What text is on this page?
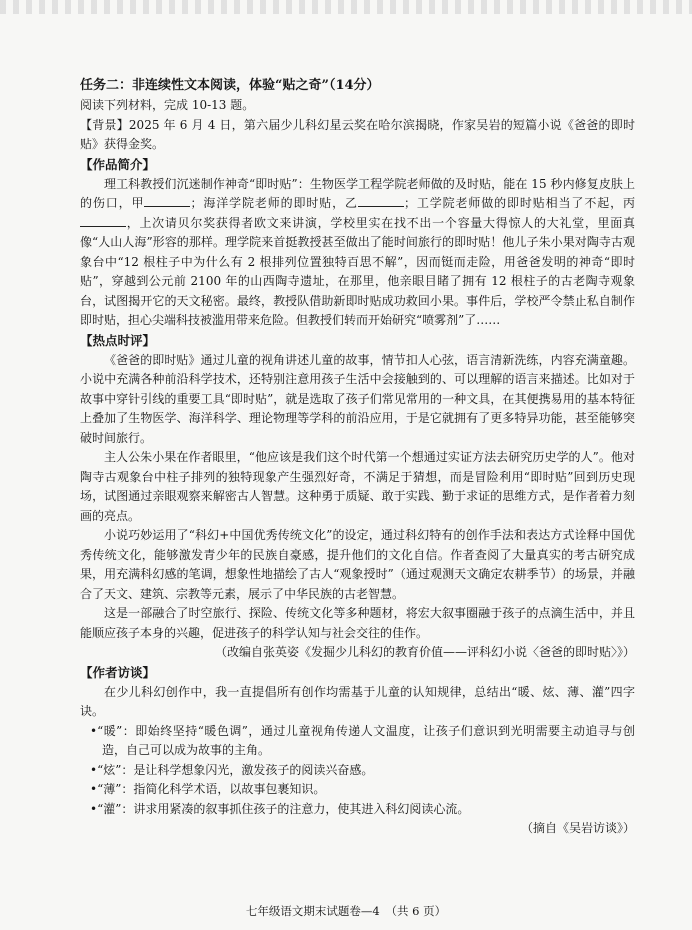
任务二：非连续性文本阅读，体验“贴之奇”（14分）

阅读下列材料，完成 10-13 题。

【背景】2025 年 6 月 4 日，第六届少儿科幻星云奖在哈尔滨揭晓，作家吴岩的短篇小说《爸爸的即时贴》获得金奖。

【作品简介】

理工科教授们沉迷制作神奇“即时贴”：生物医学工程学院老师做的及时贴，能在 15 秒内修复皮肤上的伤口，甲	；海洋学院老师的即时贴，乙	；工学院老师做的即时贴相当了不起，丙，上次请贝尔奖获得者欧文来讲演，学校里实在找不出一个容量大得惊人的大礼堂，里面真像“人山人海”形容的那样。理学院来首挺教授甚至做出了能时间旅行的即时贴！他儿子朱小果对陶寺古观象台中“12 根柱子中为什么有 2 根排列位置独特百思不解”，因而铤而走险，用爸爸发明的神奇“即时贴”，穿越到公元前 2100 年的山西陶寺遗址，在那里，他亲眼目睹了拥有 12 根柱子的古老陶寺观象台，试图揭开它的天文秘密。最终，教授队借助新即时贴成功救回小果。事件后，学校严令禁止私自制作即时贴，担心尖端科技被滥用带来危险。但教授们转而开始研究“喷雾剂”了……

【热点时评】

《爸爸的即时贴》通过儿童的视角讲述儿童的故事，情节扣人心弦，语言清新洗练，内容充满童趣。小说中充满各种前沿科学技术，还特别注意用孩子生活中会接触到的、可以理解的语言来描述。比如对于故事中穿针引线的重要工具“即时贴”，就是选取了孩子们常见常用的一种文具，在其便携易用的基本特征上叠加了生物医学、海洋科学、理论物理等学科的前沿应用，于是它就拥有了更多特异功能，甚至能够突破时间旅行。

主人公朱小果在作者眼里，“他应该是我们这个时代第一个想通过实证方法去研究历史学的人”。他对陶寺古观象台中柱子排列的独特现象产生强烈好奇，不满足于猜想，而是冒险利用“即时贴”回到历史现场，试图通过亲眼观察来解密古人智慧。这种勇于质疑、敢于实践、勤于求证的思维方式，是作者着力刻画的亮点。

小说巧妙运用了“科幻+中国优秀传统文化”的设定，通过科幻特有的创作手法和表达方式诠释中国优秀传统文化，能够激发青少年的民族自豪感，提升他们的文化自信。作者查阅了大量真实的考古研究成果，用充满科幻感的笔调，想象性地描绘了古人“观象授时”（通过观测天文确定农耕季节）的场景，并融合了天文、建筑、宗教等元素，展示了中华民族的古老智慧。

这是一部融合了时空旅行、探险、传统文化等多种题材，将宏大叙事圈融于孩子的点滴生活中，并且能顺应孩子本身的兴趣，促进孩子的科学认知与社会交往的佳作。

（改编自张英姿《发掘少儿科幻的教育价值——评科幻小说〈爸爸的即时贴〉》）

【作者访谈】

在少儿科幻创作中，我一直提倡所有创作均需基于儿童的认知规律，总结出“暖、炫、薄、灌”四字诀。

•“暖”：即始终坚持“暖色调”，通过儿童视角传递人文温度，让孩子们意识到光明需要主动追寻与创造，自己可以成为故事的主角。

•“炫”：是让科学想象闪光，激发孩子的阅读兴奋感。

•“薄”：指简化科学术语，以故事包裹知识。

•“灌”：讲求用紧凑的叙事抓住孩子的注意力，使其进入科幻阅读心流。

（摘自《吴岩访谈》）

七年级语文期末试题卷—4　（共 6 页）
